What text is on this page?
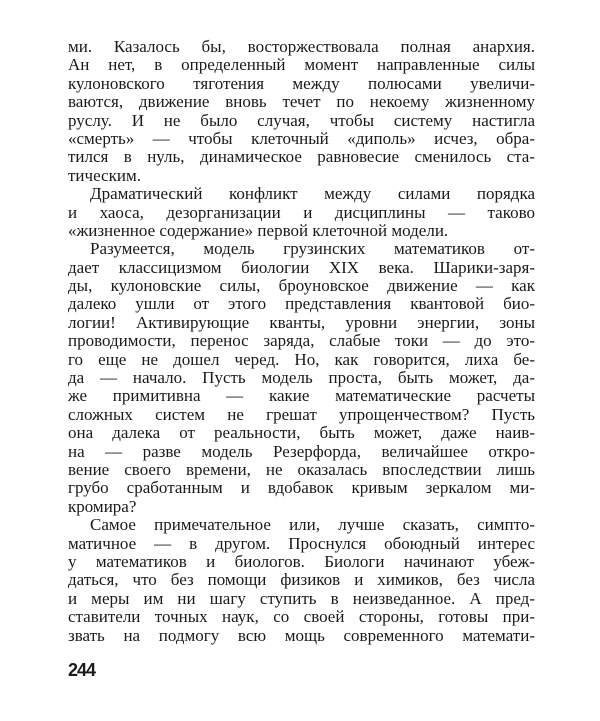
ми. Казалось бы, восторжествовала полная анархия.
Ан нет, в определенный момент направленные силы
кулоновского тяготения между полюсами увеличи-
ваются, движение вновь течет по некоему жизненному
руслу. И не было случая, чтобы систему настигла
«смерть» — чтобы клеточный «диполь» исчез, обра-
тился в нуль, динамическое равновесие сменилось ста-
тическим.
Драматический конфликт между силами порядка
и хаоса, дезорганизации и дисциплины — таково
«жизненное содержание» первой клеточной модели.
Разумеется, модель грузинских математиков от-
дает классицизмом биологии XIX века. Шарики-заря-
ды, кулоновские силы, броуновское движение — как
далеко ушли от этого представления квантовой био-
логии! Активирующие кванты, уровни энергии, зоны
проводимости, перенос заряда, слабые токи — до это-
го еще не дошел черед. Но, как говорится, лиха бе-
да — начало. Пусть модель проста, быть может, да-
же примитивна — какие математические расчеты
сложных систем не грешат упрощенчеством? Пусть
она далека от реальности, быть может, даже наив-
на — разве модель Резерфорда, величайшее откро-
вение своего времени, не оказалась впоследствии лишь
грубо сработанным и вдобавок кривым зеркалом ми-
кромира?
Самое примечательное или, лучше сказать, симпто-
матичное — в другом. Проснулся обоюдный интерес
у математиков и биологов. Биологи начинают убеж-
даться, что без помощи физиков и химиков, без числа
и меры им ни шагу ступить в неизведанное. А пред-
ставители точных наук, со своей стороны, готовы при-
звать на подмогу всю мощь современного математи-
244
